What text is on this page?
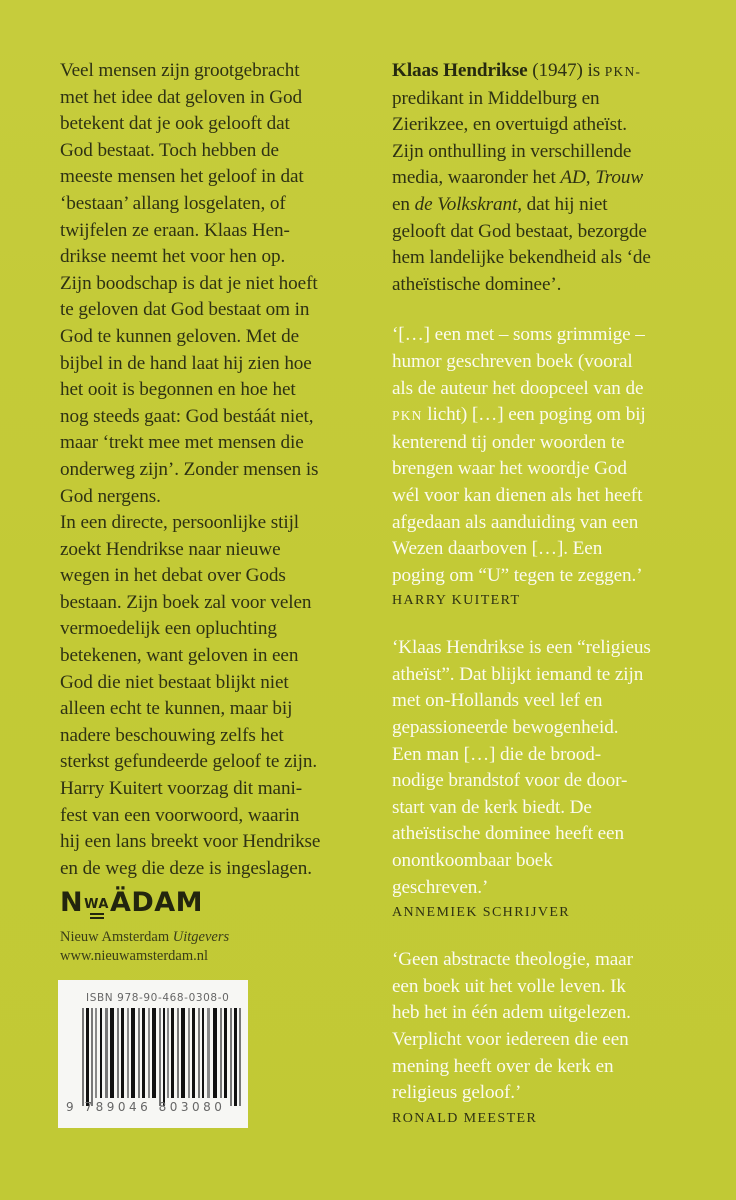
Veel mensen zijn grootgebracht
met het idee dat geloven in God
betekent dat je ook gelooft dat
God bestaat. Toch hebben de
meeste mensen het geloof in dat
‘bestaan’ allang losgelaten, of
twijfelen ze eraan. Klaas Hen-
drikse neemt het voor hen op.
Zijn boodschap is dat je niet hoeft
te geloven dat God bestaat om in
God te kunnen geloven. Met de
bijbel in de hand laat hij zien hoe
het ooit is begonnen en hoe het
nog steeds gaat: God bestáát niet,
maar ‘trekt mee met mensen die
onderweg zijn’. Zonder mensen is
God nergens.
In een directe, persoonlijke stijl
zoekt Hendrikse naar nieuwe
wegen in het debat over Gods
bestaan. Zijn boek zal voor velen
vermoedelijk een opluchting
betekenen, want geloven in een
God die niet bestaat blijkt niet
alleen echt te kunnen, maar bij
nadere beschouwing zelfs het
sterkst gefundeerde geloof te zijn.
Harry Kuitert voorzag dit mani-
fest van een voorwoord, waarin
hij een lans breekt voor Hendrikse
en de weg die deze is ingeslagen.
N WA Ä DAM
Nieuw Amsterdam Uitgevers
www.nieuwamsterdam.nl
ISBN 978-90-468-0308-0
9 789046 803080
Klaas Hendrikse (1947) is PKN-
predikant in Middelburg en
Zierikzee, en overtuigd atheïst.
Zijn onthulling in verschillende
media, waaronder het AD, Trouw
en de Volkskrant, dat hij niet
gelooft dat God bestaat, bezorgde
hem landelijke bekendheid als ‘de
atheïstische dominee’.
‘[…] een met – soms grimmige –
humor geschreven boek (vooral
als de auteur het doopceel van de
PKN licht) […] een poging om bij
kenterend tij onder woorden te
brengen waar het woordje God
wél voor kan dienen als het heeft
afgedaan als aanduiding van een
Wezen daarboven […]. Een
poging om “U” tegen te zeggen.’
HARRY KUITERT
‘Klaas Hendrikse is een “religieus
atheïst”. Dat blijkt iemand te zijn
met on-Hollands veel lef en
gepassioneerde bewogenheid.
Een man […] die de brood-
nodige brandstof voor de door-
start van de kerk biedt. De
atheïstische dominee heeft een
onontkoombaar boek
geschreven.’
ANNEMIEK SCHRIJVER
‘Geen abstracte theologie, maar
een boek uit het volle leven. Ik
heb het in één adem uitgelezen.
Verplicht voor iedereen die een
mening heeft over de kerk en
religieus geloof.’
RONALD MEESTER
